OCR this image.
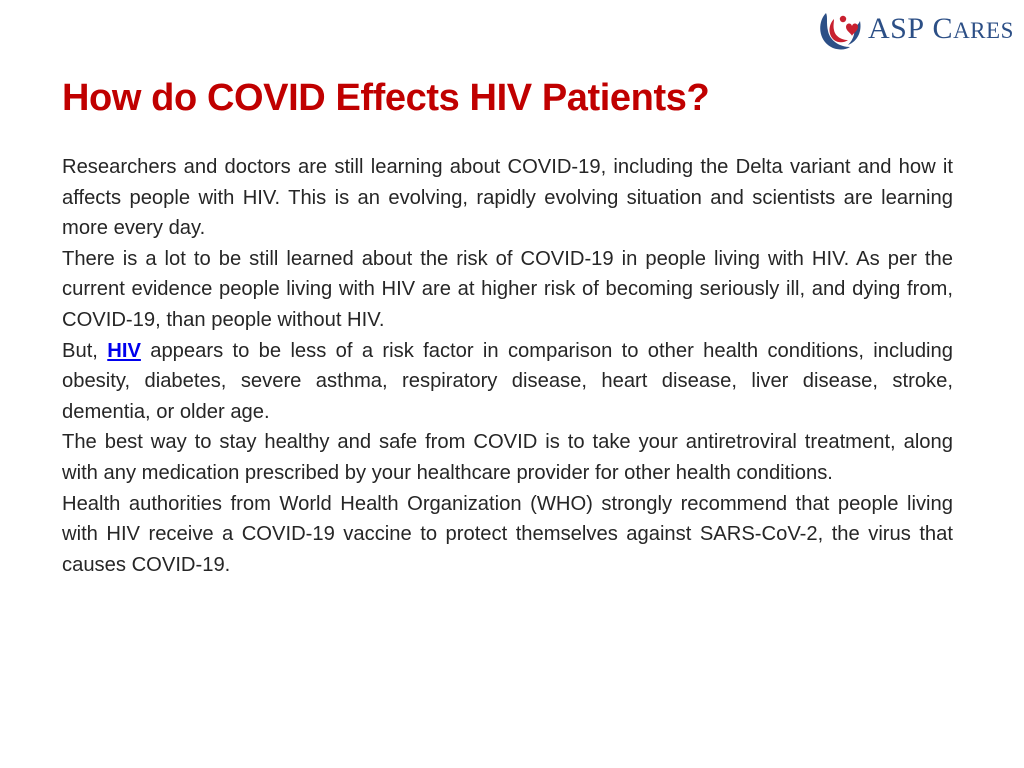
ASP CARES
How do COVID Effects HIV Patients?

Researchers and doctors are still learning about COVID-19, including the Delta variant and how it affects people with HIV. This is an evolving, rapidly evolving situation and scientists are learning more every day.

There is a lot to be still learned about the risk of COVID-19 in people living with HIV. As per the current evidence people living with HIV are at higher risk of becoming seriously ill, and dying from, COVID-19, than people without HIV.

But, HIV appears to be less of a risk factor in comparison to other health conditions, including obesity, diabetes, severe asthma, respiratory disease, heart disease, liver disease, stroke, dementia, or older age.

The best way to stay healthy and safe from COVID is to take your antiretroviral treatment, along with any medication prescribed by your healthcare provider for other health conditions.

Health authorities from World Health Organization (WHO) strongly recommend that people living with HIV receive a COVID-19 vaccine to protect themselves against SARS-CoV-2, the virus that causes COVID-19.
